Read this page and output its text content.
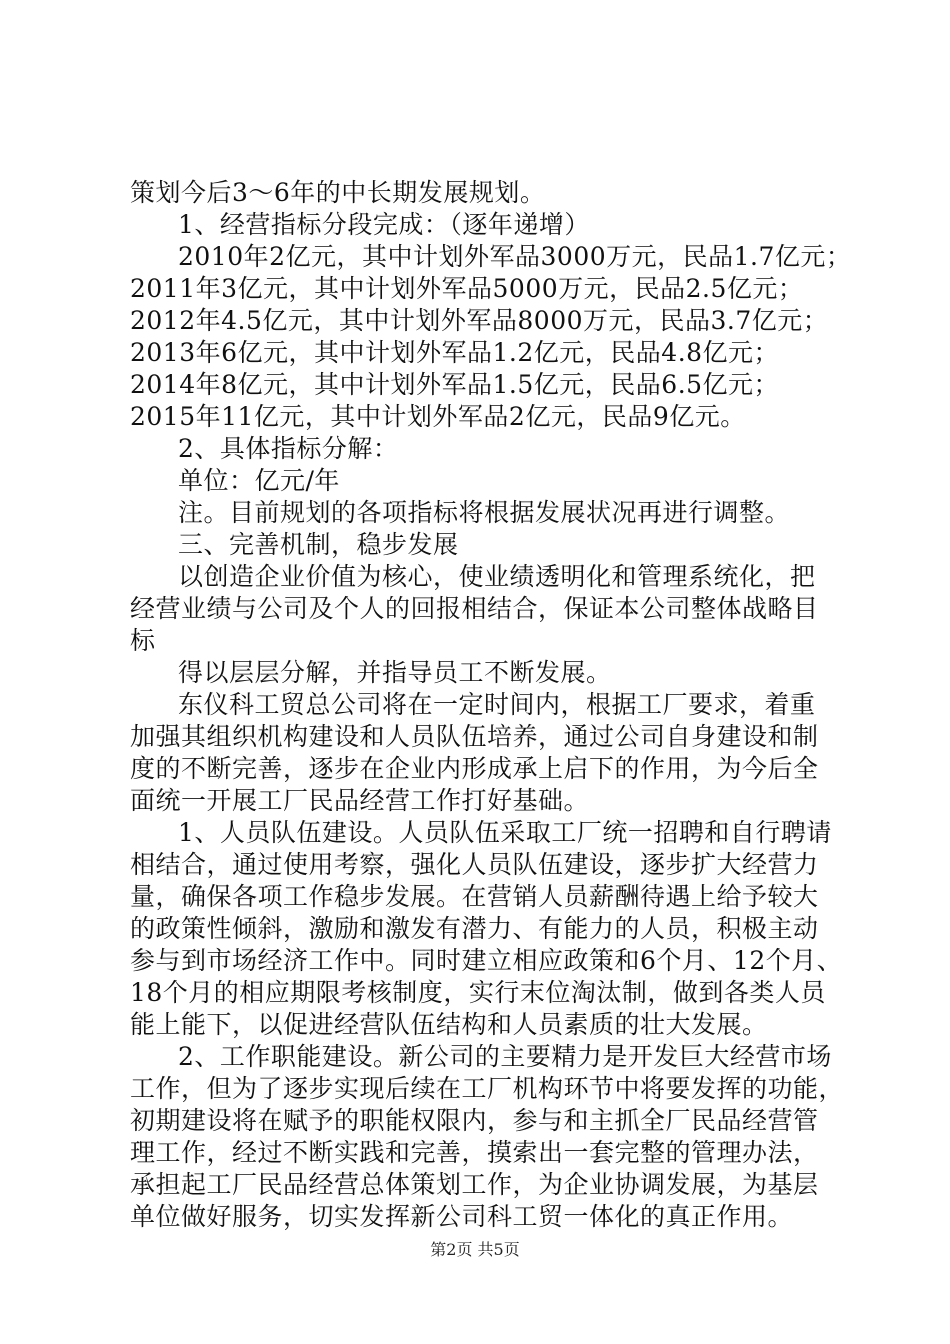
策划今后3～6年的中长期发展规划。
1、经营指标分段完成：（逐年递增）
2010年2亿元，其中计划外军品3000万元，民品1.7亿元；
2011年3亿元，其中计划外军品5000万元，民品2.5亿元；
2012年4.5亿元，其中计划外军品8000万元，民品3.7亿元；
2013年6亿元，其中计划外军品1.2亿元，民品4.8亿元；
2014年8亿元，其中计划外军品1.5亿元，民品6.5亿元；
2015年11亿元，其中计划外军品2亿元，民品9亿元。
2、具体指标分解：
单位：亿元/年
注。目前规划的各项指标将根据发展状况再进行调整。
三、完善机制，稳步发展
以创造企业价值为核心，使业绩透明化和管理系统化，把
经营业绩与公司及个人的回报相结合，保证本公司整体战略目
标
得以层层分解，并指导员工不断发展。
东仪科工贸总公司将在一定时间内，根据工厂要求，着重
加强其组织机构建设和人员队伍培养，通过公司自身建设和制
度的不断完善，逐步在企业内形成承上启下的作用，为今后全
面统一开展工厂民品经营工作打好基础。
1、人员队伍建设。人员队伍采取工厂统一招聘和自行聘请
相结合，通过使用考察，强化人员队伍建设，逐步扩大经营力
量，确保各项工作稳步发展。在营销人员薪酬待遇上给予较大
的政策性倾斜，激励和激发有潜力、有能力的人员，积极主动
参与到市场经济工作中。同时建立相应政策和6个月、12个月、
18个月的相应期限考核制度，实行末位淘汰制，做到各类人员
能上能下，以促进经营队伍结构和人员素质的壮大发展。
2、工作职能建设。新公司的主要精力是开发巨大经营市场
工作，但为了逐步实现后续在工厂机构环节中将要发挥的功能，
初期建设将在赋予的职能权限内，参与和主抓全厂民品经营管
理工作，经过不断实践和完善，摸索出一套完整的管理办法，
承担起工厂民品经营总体策划工作，为企业协调发展，为基层
单位做好服务，切实发挥新公司科工贸一体化的真正作用。
第2页 共5页
